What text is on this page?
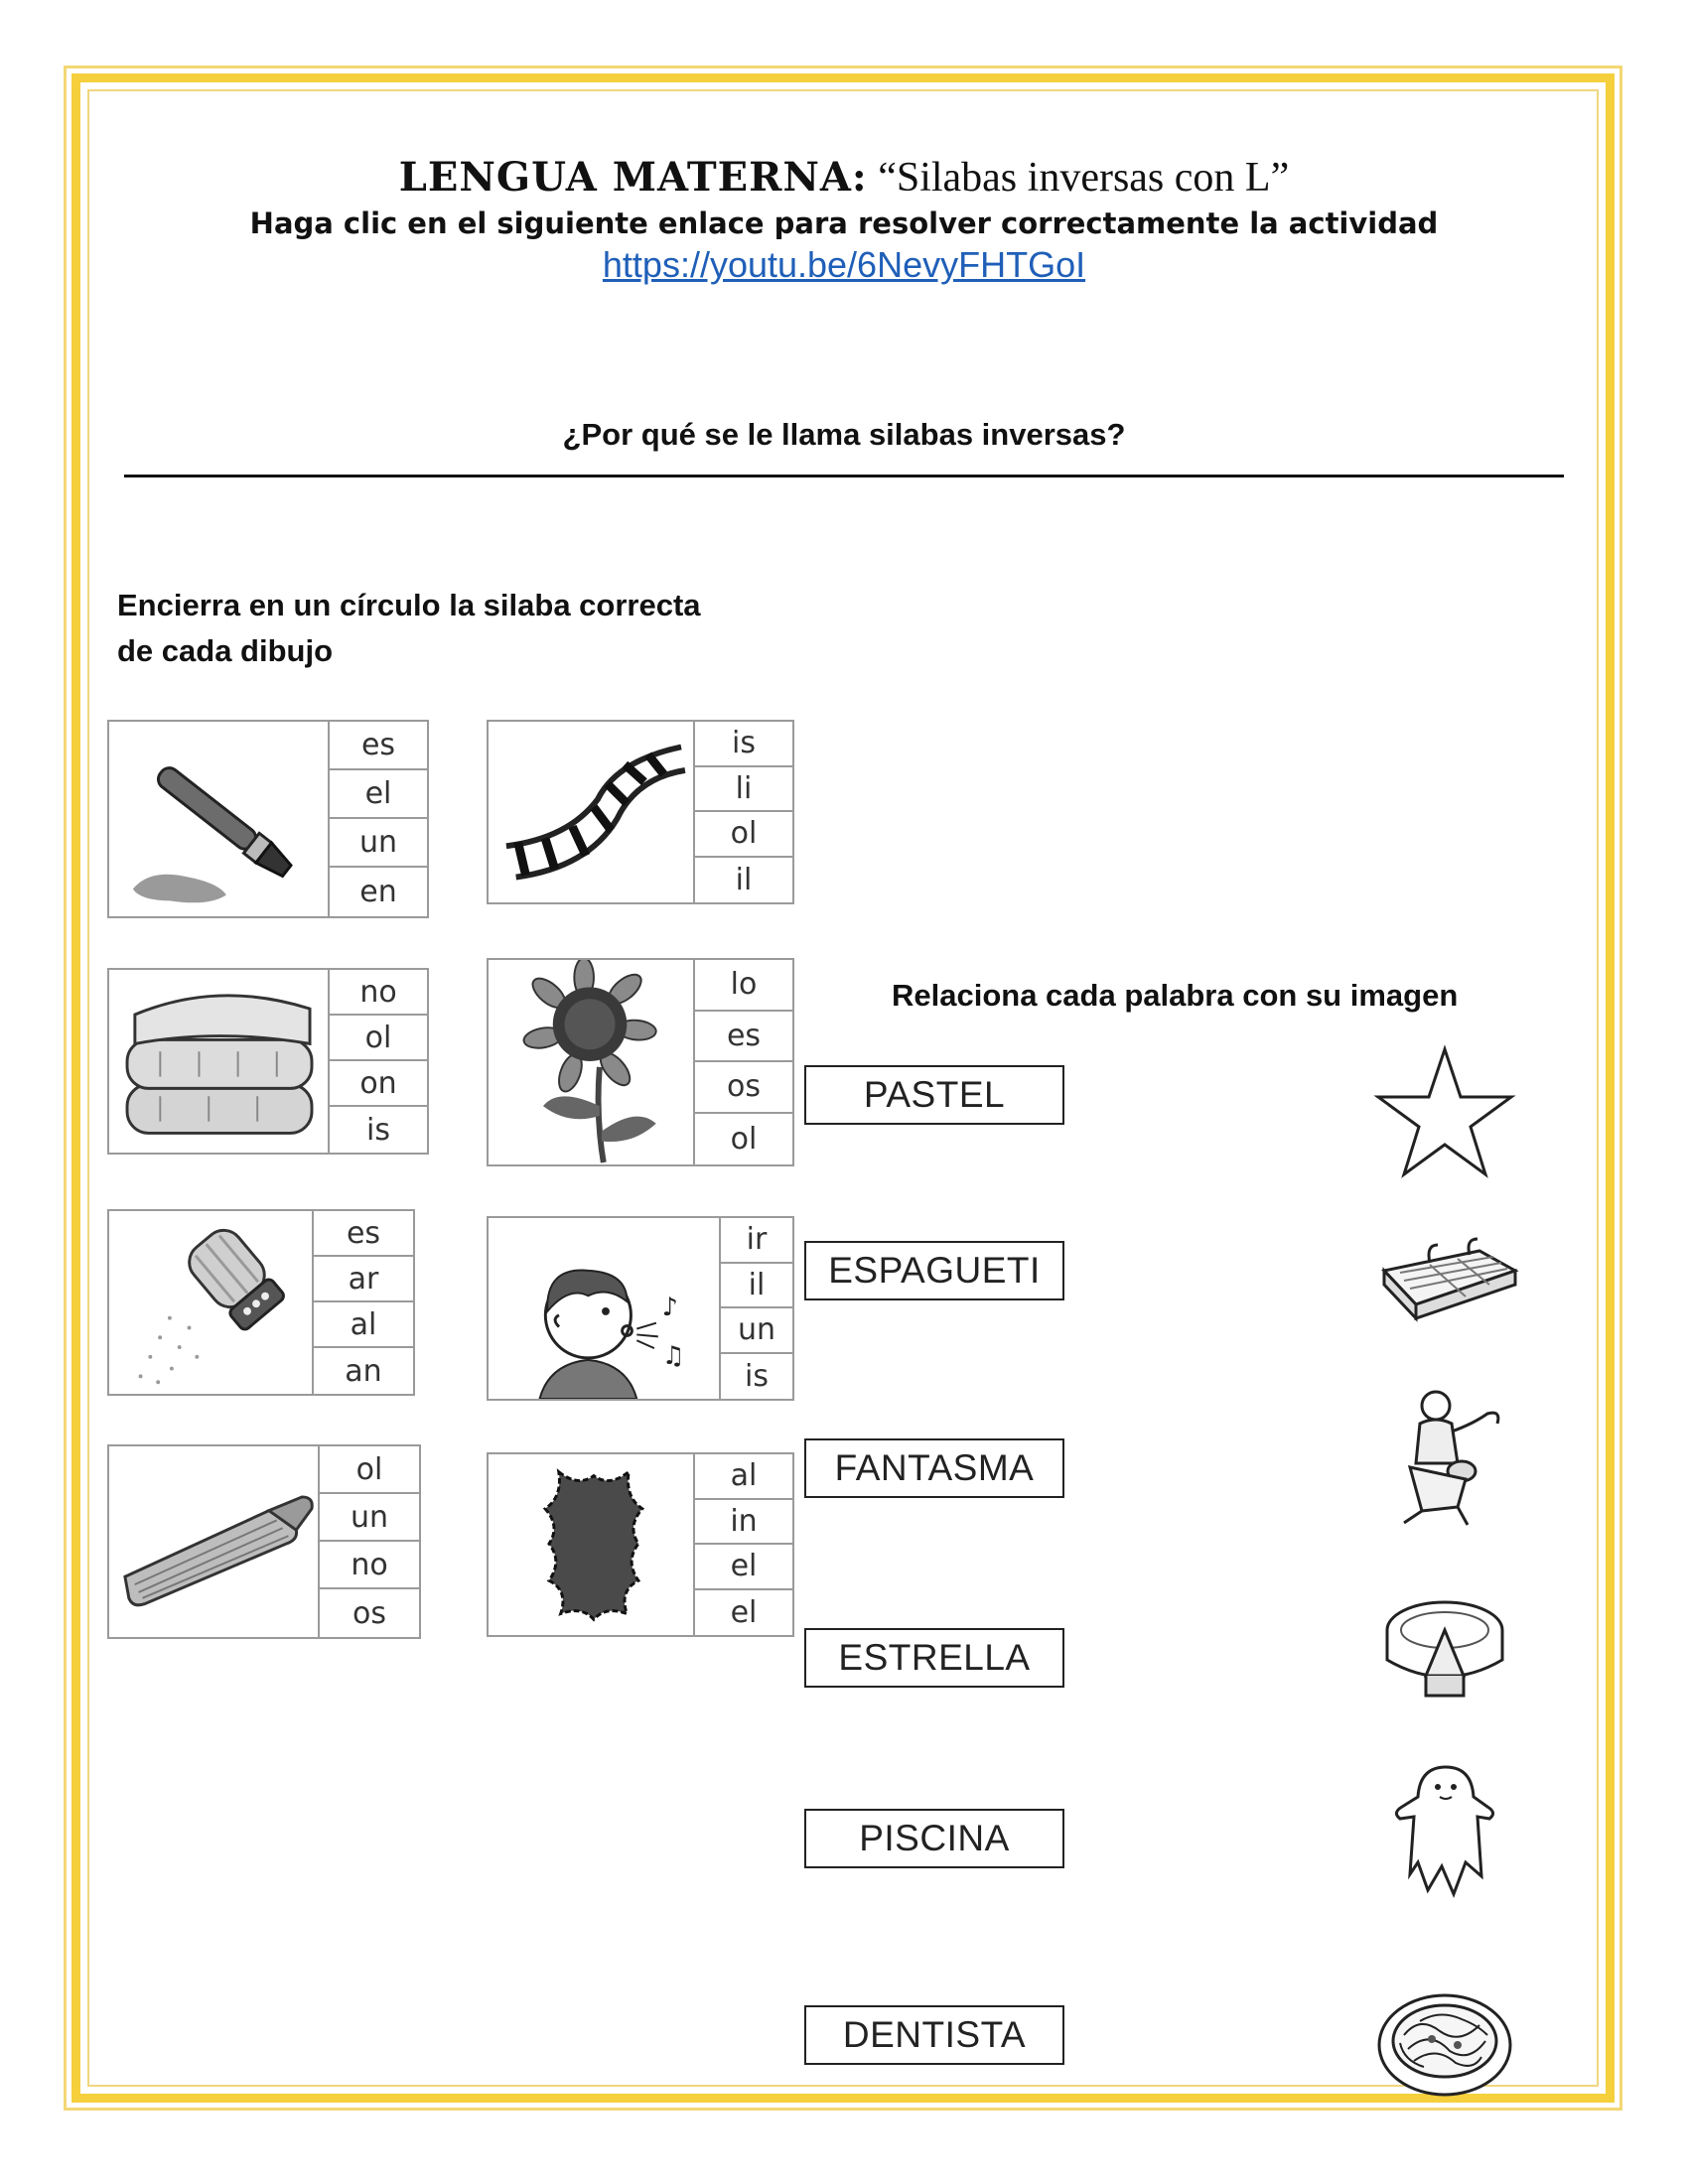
LENGUA MATERNA: “Silabas inversas con L”
Haga clic en el siguiente enlace para resolver correctamente la actividad
https://youtu.be/6NevyFHTGoI
¿Por qué se le llama silabas inversas?
Encierra en un círculo la silaba correcta
de cada dibujo
es
el
un
en
is
li
ol
il
no
ol
on
is
lo
es
os
ol
es
ar
al
an
♪
♫
ir
il
un
is
ol
un
no
os
al
in
el
el
Relaciona cada palabra con su imagen
PASTEL
ESPAGUETI
FANTASMA
ESTRELLA
PISCINA
DENTISTA
